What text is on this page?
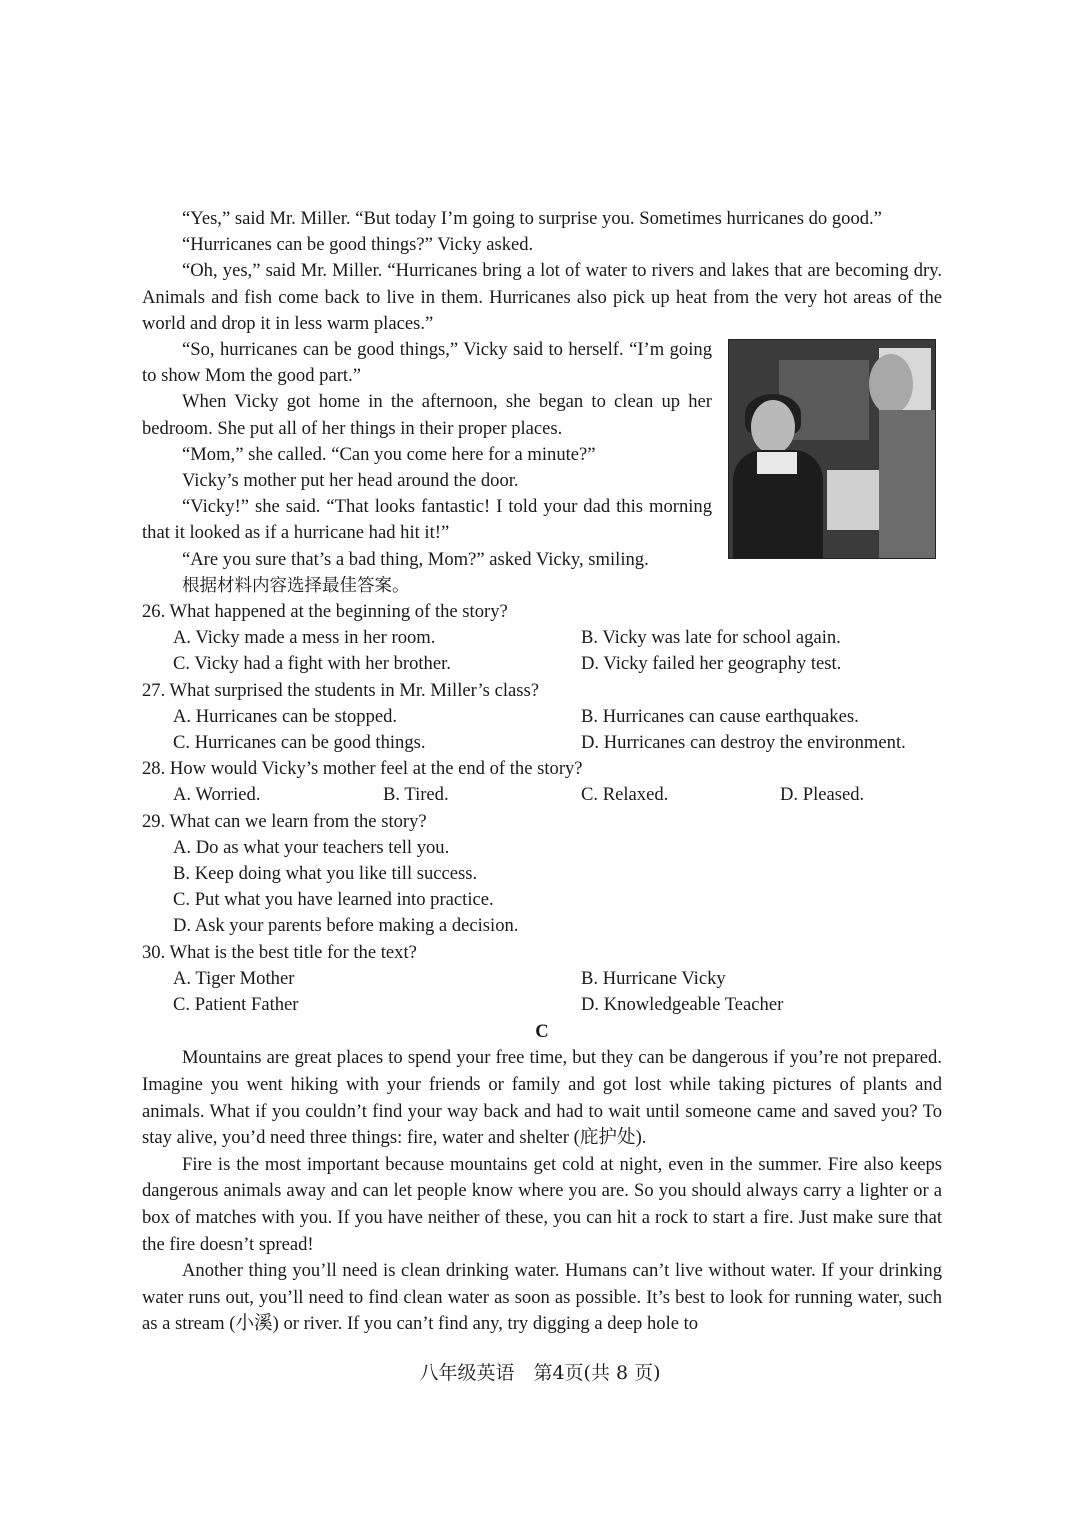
“Yes,” said Mr. Miller. “But today I’m going to surprise you. Sometimes hurricanes do good.”

“Hurricanes can be good things?” Vicky asked.

“Oh, yes,” said Mr. Miller. “Hurricanes bring a lot of water to rivers and lakes that are becoming dry. Animals and fish come back to live in them. Hurricanes also pick up heat from the very hot areas of the world and drop it in less warm places.”

“So, hurricanes can be good things,” Vicky said to herself. “I’m going to show Mom the good part.”

When Vicky got home in the afternoon, she began to clean up her bedroom. She put all of her things in their proper places.

“Mom,” she called. “Can you come here for a minute?”

Vicky’s mother put her head around the door.

“Vicky!” she said. “That looks fantastic! I told your dad this morning that it looked as if a hurricane had hit it!”

“Are you sure that’s a bad thing, Mom?” asked Vicky, smiling.

根据材料内容选择最佳答案。

26. What happened at the beginning of the story?

A. Vicky made a mess in her room.	B. Vicky was late for school again.
C. Vicky had a fight with her brother.	D. Vicky failed her geography test.

27. What surprised the students in Mr. Miller’s class?

A. Hurricanes can be stopped.	B. Hurricanes can cause earthquakes.
C. Hurricanes can be good things.	D. Hurricanes can destroy the environment.

28. How would Vicky’s mother feel at the end of the story?

A. Worried.	B. Tired.	C. Relaxed.	D. Pleased.

29. What can we learn from the story?

A. Do as what your teachers tell you.

B. Keep doing what you like till success.

C. Put what you have learned into practice.

D. Ask your parents before making a decision.

30. What is the best title for the text?

A. Tiger Mother	B. Hurricane Vicky
C. Patient Father	D. Knowledgeable Teacher

C

Mountains are great places to spend your free time, but they can be dangerous if you’re not prepared. Imagine you went hiking with your friends or family and got lost while taking pictures of plants and animals. What if you couldn’t find your way back and had to wait until someone came and saved you? To stay alive, you’d need three things: fire, water and shelter (庇护处).

Fire is the most important because mountains get cold at night, even in the summer. Fire also keeps dangerous animals away and can let people know where you are. So you should always carry a lighter or a box of matches with you. If you have neither of these, you can hit a rock to start a fire. Just make sure that the fire doesn’t spread!

Another thing you’ll need is clean drinking water. Humans can’t live without water. If your drinking water runs out, you’ll need to find clean water as soon as possible. It’s best to look for running water, such as a stream (小溪) or river. If you can’t find any, try digging a deep hole to

八年级英语　第4页(共 8 页)
